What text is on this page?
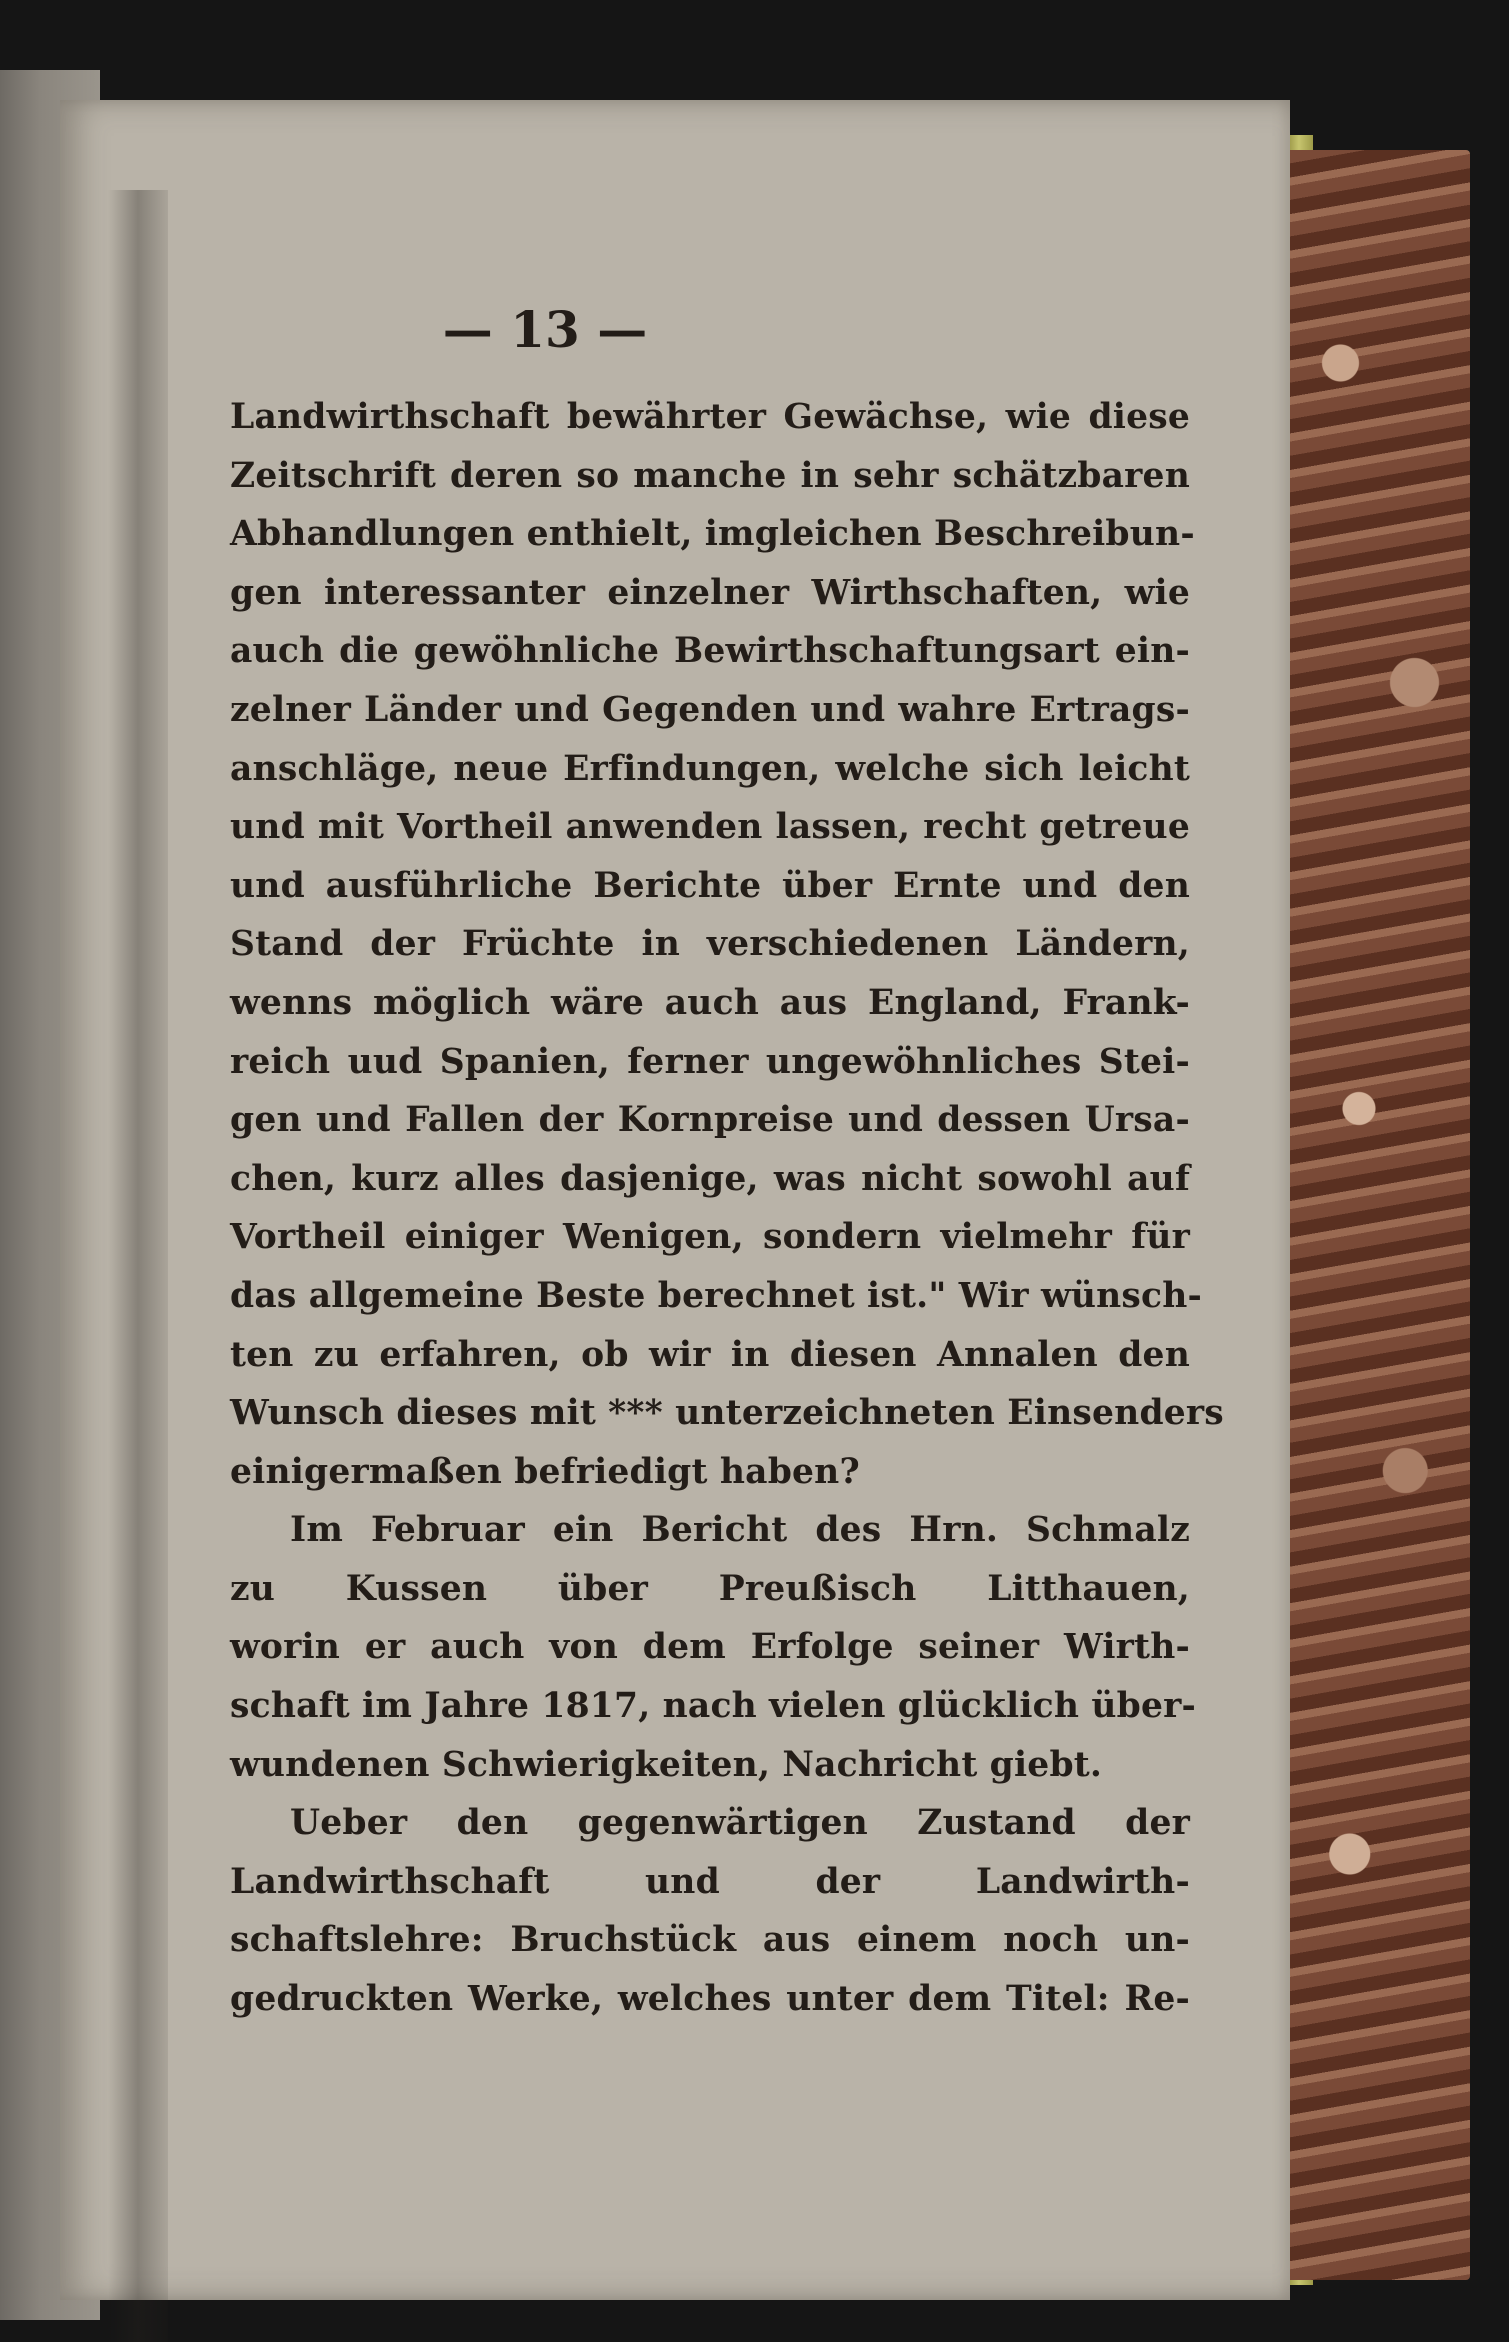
— 13 —
Landwirthschaft bewährter Gewächse, wie diese
Zeitschrift deren so manche in sehr schätzbaren
Abhandlungen enthielt, imgleichen Beschreibun-
gen interessanter einzelner Wirthschaften, wie
auch die gewöhnliche Bewirthschaftungsart ein-
zelner Länder und Gegenden und wahre Ertrags-
anschläge, neue Erfindungen, welche sich leicht
und mit Vortheil anwenden lassen, recht getreue
und ausführliche Berichte über Ernte und den
Stand der Früchte in verschiedenen Ländern,
wenns möglich wäre auch aus England, Frank-
reich uud Spanien, ferner ungewöhnliches Stei-
gen und Fallen der Kornpreise und dessen Ursa-
chen, kurz alles dasjenige, was nicht sowohl auf
Vortheil einiger Wenigen, sondern vielmehr für
das allgemeine Beste berechnet ist." Wir wünsch-
ten zu erfahren, ob wir in diesen Annalen den
Wunsch dieses mit *** unterzeichneten Einsenders
einigermaßen befriedigt haben?
Im Februar ein Bericht des Hrn. Schmalz
zu Kussen über Preußisch Litthauen,
worin er auch von dem Erfolge seiner Wirth-
schaft im Jahre 1817, nach vielen glücklich über-
wundenen Schwierigkeiten, Nachricht giebt.
Ueber den gegenwärtigen Zustand der
Landwirthschaft und der Landwirth-
schaftslehre: Bruchstück aus einem noch un-
gedruckten Werke, welches unter dem Titel: Re-
